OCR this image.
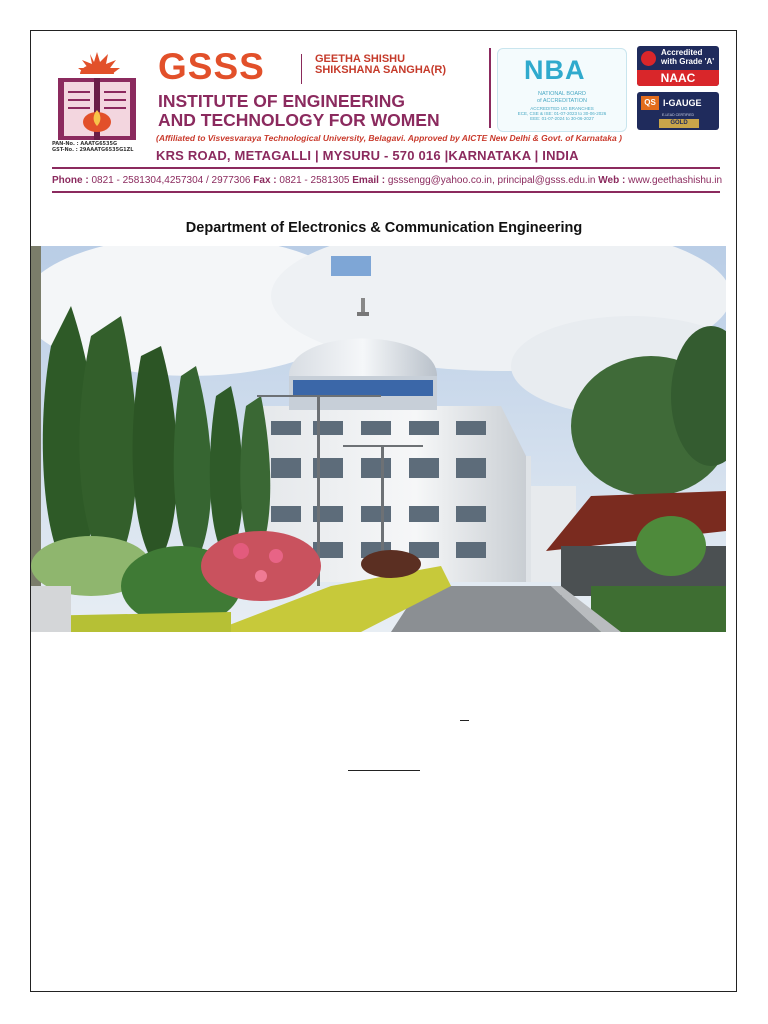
PAN-No. : AAATG6535G
GST-No. : 29AAATG6535G1ZL
GSSS	GEETHA SHISHU
SHIKSHANA SANGHA(R)
INSTITUTE OF ENGINEERING
AND TECHNOLOGY FOR WOMEN
NBA
NATIONAL BOARD
of ACCREDITATION
ACCREDITED UG BRANCHES
ECE, CSE & ISE: 01-07-2023 to 30-06-2026
EEE: 01-07-2024 to 30-06-2027
Accredited
with Grade 'A'
NAAC
QS I-GAUGE
E-LEAD CERTIFIED
GOLD
(Affiliated to Visvesvaraya Technological University, Belagavi. Approved by AICTE New Delhi & Govt. of Karnataka )
KRS ROAD, METAGALLI | MYSURU - 570 016 |KARNATAKA | INDIA
Phone : 0821 - 2581304,4257304 / 2977306 Fax : 0821 - 2581305 Email : gsssengg@yahoo.co.in, principal@gsss.edu.in Web : www.geethashishu.in
Department of Electronics & Communication Engineering
